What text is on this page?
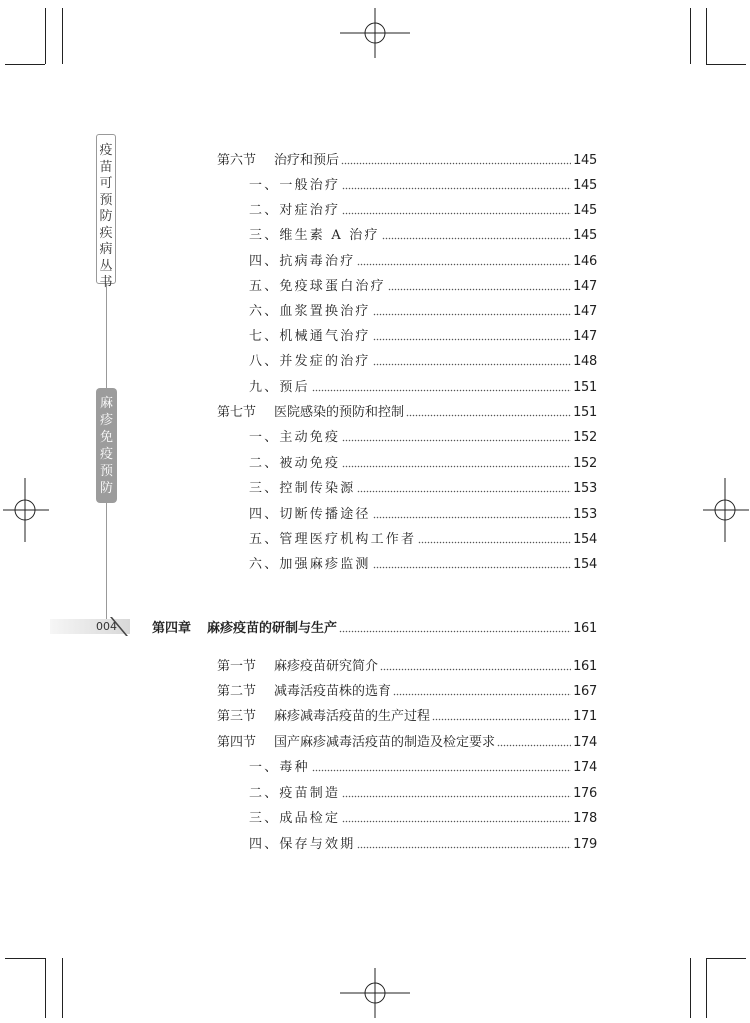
疫
苗
可
预
防
疾
病
丛
书
麻
疹
免
疫
预
防
004
第六节 治疗和预后	145
一、一般治疗	145
二、对症治疗	145
三、维生素 A 治疗	145
四、抗病毒治疗	146
五、免疫球蛋白治疗	147
六、血浆置换治疗	147
七、机械通气治疗	147
八、并发症的治疗	148
九、预后	151
第七节 医院感染的预防和控制	151
一、主动免疫	152
二、被动免疫	152
三、控制传染源	153
四、切断传播途径	153
五、管理医疗机构工作者	154
六、加强麻疹监测	154
第四章 麻疹疫苗的研制与生产	161
第一节 麻疹疫苗研究简介	161
第二节 减毒活疫苗株的选育	167
第三节 麻疹减毒活疫苗的生产过程	171
第四节 国产麻疹减毒活疫苗的制造及检定要求	174
一、毒种	174
二、疫苗制造	176
三、成品检定	178
四、保存与效期	179
